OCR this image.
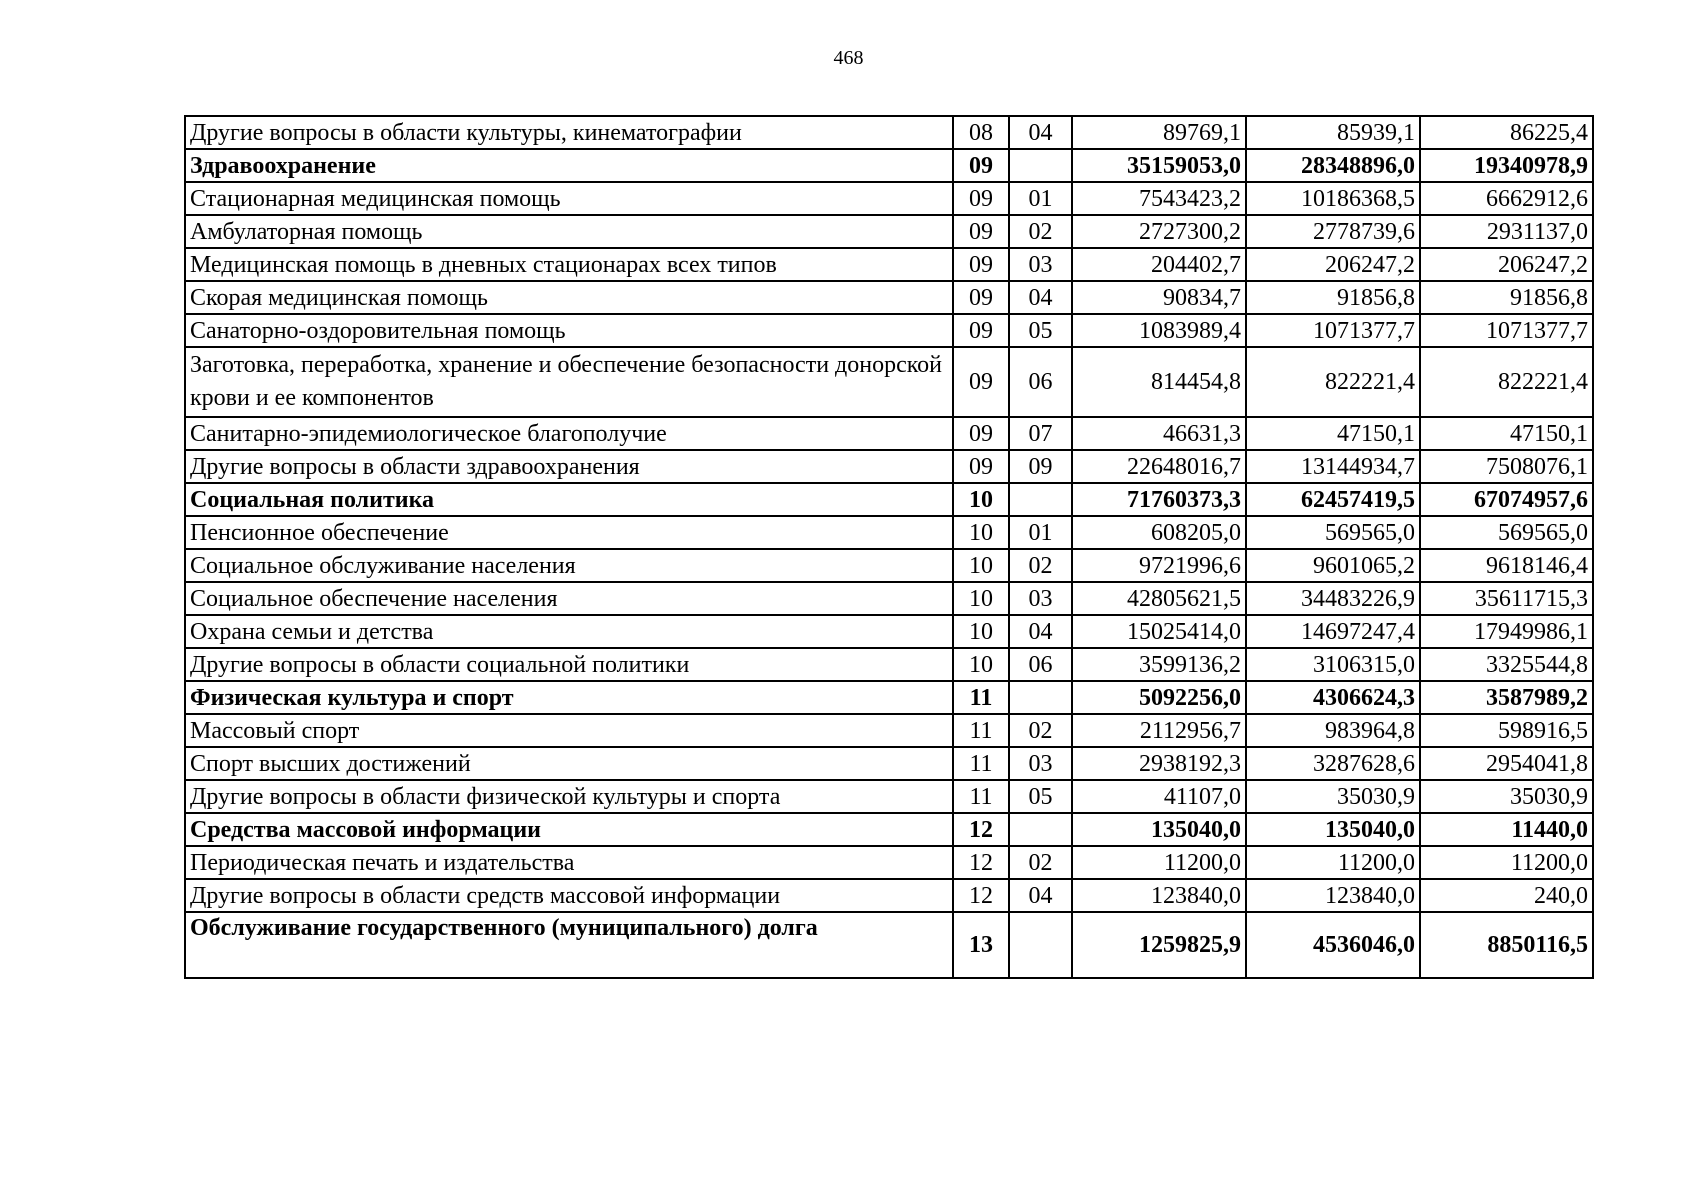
468
Другие вопросы в области культуры, кинематографии	08	04	89769,1	85939,1	86225,4
Здравоохранение	09		35159053,0	28348896,0	19340978,9
Стационарная медицинская помощь	09	01	7543423,2	10186368,5	6662912,6
Амбулаторная помощь	09	02	2727300,2	2778739,6	2931137,0
Медицинская помощь в дневных стационарах всех типов	09	03	204402,7	206247,2	206247,2
Скорая медицинская помощь	09	04	90834,7	91856,8	91856,8
Санаторно-оздоровительная помощь	09	05	1083989,4	1071377,7	1071377,7
Заготовка, переработка, хранение и обеспечение безопасности донорской крови и ее компонентов	09	06	814454,8	822221,4	822221,4
Санитарно-эпидемиологическое благополучие	09	07	46631,3	47150,1	47150,1
Другие вопросы в области здравоохранения	09	09	22648016,7	13144934,7	7508076,1
Социальная политика	10		71760373,3	62457419,5	67074957,6
Пенсионное обеспечение	10	01	608205,0	569565,0	569565,0
Социальное обслуживание населения	10	02	9721996,6	9601065,2	9618146,4
Социальное обеспечение населения	10	03	42805621,5	34483226,9	35611715,3
Охрана семьи и детства	10	04	15025414,0	14697247,4	17949986,1
Другие вопросы в области социальной политики	10	06	3599136,2	3106315,0	3325544,8
Физическая культура и спорт	11		5092256,0	4306624,3	3587989,2
Массовый спорт	11	02	2112956,7	983964,8	598916,5
Спорт высших достижений	11	03	2938192,3	3287628,6	2954041,8
Другие вопросы в области физической культуры и спорта	11	05	41107,0	35030,9	35030,9
Средства массовой информации	12		135040,0	135040,0	11440,0
Периодическая печать и издательства	12	02	11200,0	11200,0	11200,0
Другие вопросы в области средств массовой информации	12	04	123840,0	123840,0	240,0
Обслуживание государственного (муниципального) долга	13		1259825,9	4536046,0	8850116,5
